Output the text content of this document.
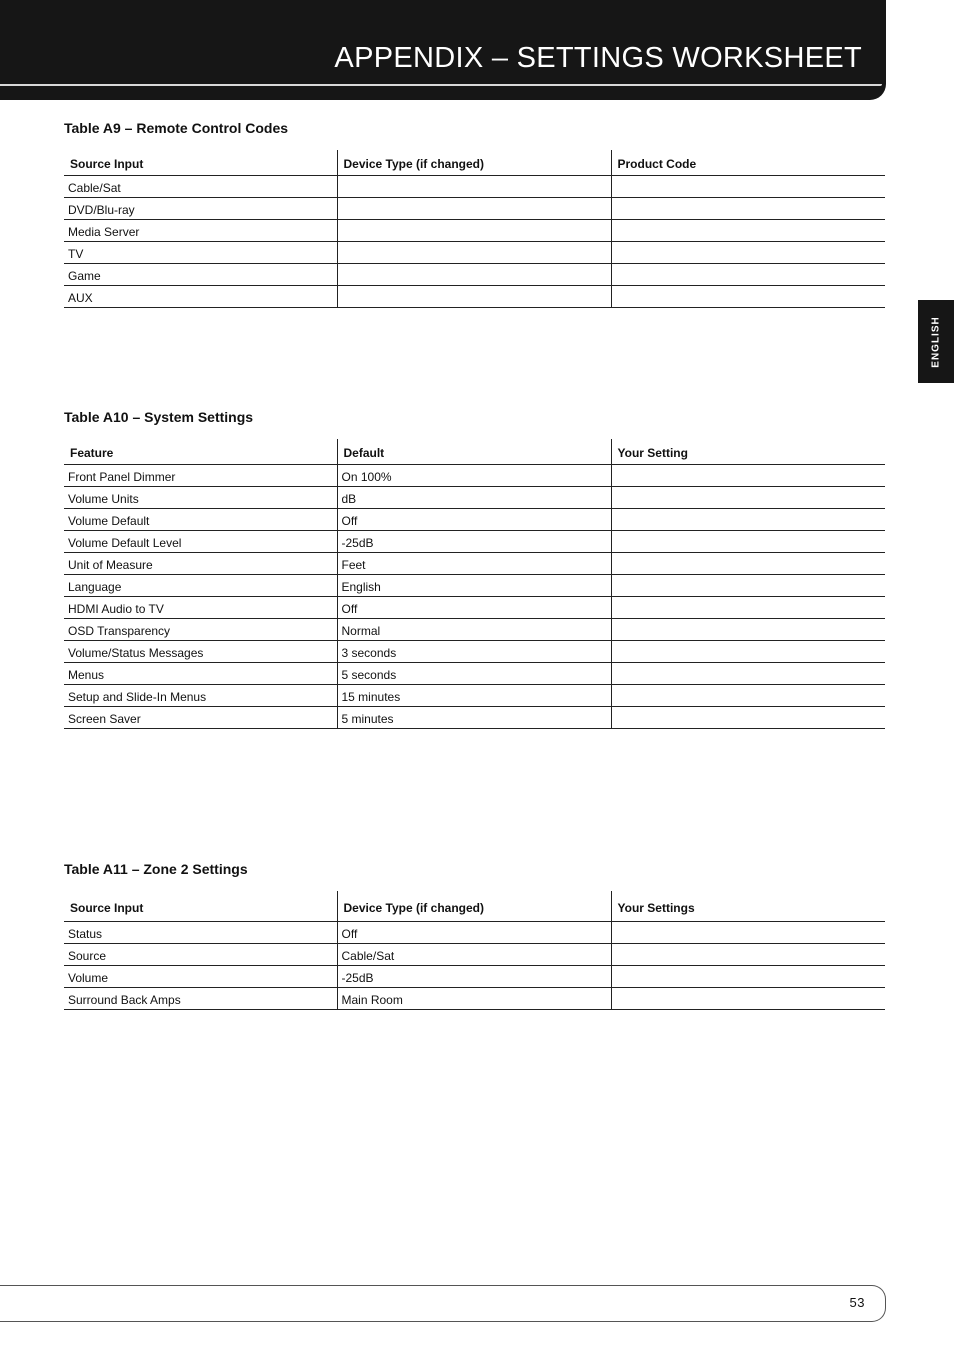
APPENDIX – SETTINGS WORKSHEET
ENGLISH
Table A9 – Remote Control Codes
Source Input	Device Type (if changed)	Product Code
Cable/Sat		
DVD/Blu-ray		
Media Server		
TV		
Game		
AUX		
Table A10 – System Settings
Feature	Default	Your Setting
Front Panel Dimmer	On 100%	
Volume Units	dB	
Volume Default	Off	
Volume Default Level	-25dB	
Unit of Measure	Feet	
Language	English	
HDMI Audio to TV	Off	
OSD Transparency	Normal	
Volume/Status Messages	3 seconds	
Menus	5 seconds	
Setup and Slide-In Menus	15 minutes	
Screen Saver	5 minutes	
Table A11 – Zone 2 Settings
Source Input	Device Type (if changed)	Your Settings
Status	Off	
Source	Cable/Sat	
Volume	-25dB	
Surround Back Amps	Main Room	
53
